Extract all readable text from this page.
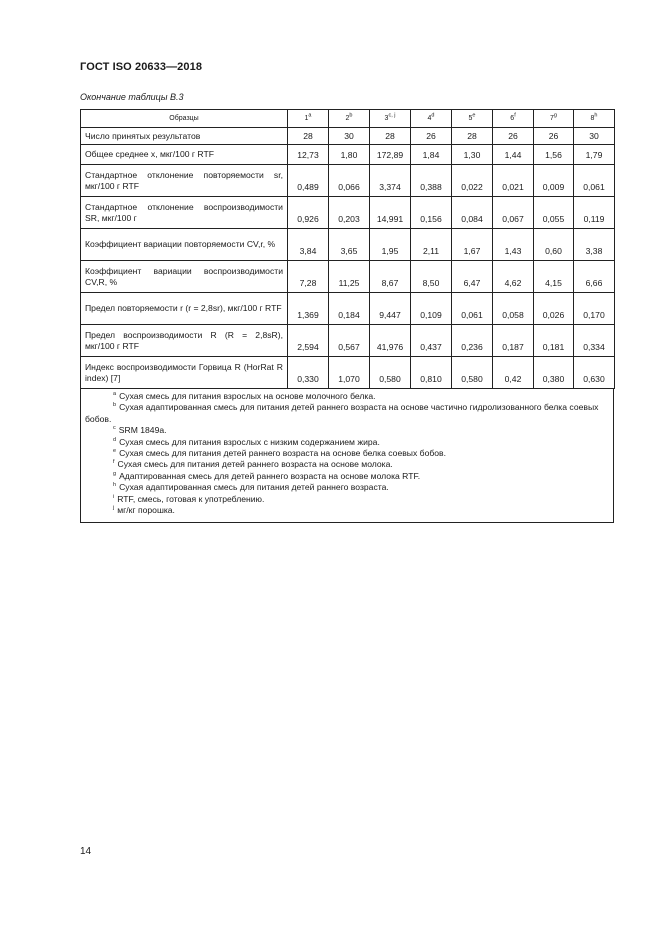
ГОСТ ISO 20633—2018
Окончание таблицы В.3
Образцы	1$^a$	2$^b$	3$^{c, j}$	4$^d$	5e	6$^f$	7$^g$	8$^h$
Число принятых результатов	28	30	28	26	28	26	26	30
Общее среднее x, мкг/100 г RTF	12,73	1,80	172,89	1,84	1,30	1,44	1,56	1,79
Стандартное отклонение повторяемости sr, мкг/100 г RTF	0,489	0,066	3,374	0,388	0,022	0,021	0,009	0,061
Стандартное отклонение воспроизводимости SR, мкг/100 г	0,926	0,203	14,991	0,156	0,084	0,067	0,055	0,119
Коэффициент вариации повторяемости CV,r, %	3,84	3,65	1,95	2,11	1,67	1,43	0,60	3,38
Коэффициент вариации воспроизводимости CV,R, %	7,28	11,25	8,67	8,50	6,47	4,62	4,15	6,66
Предел повторяемости r (r = 2,8sr), мкг/100 г RTF	1,369	0,184	9,447	0,109	0,061	0,058	0,026	0,170
Предел воспроизводимости R (R = 2,8sR), мкг/100 г RTF	2,594	0,567	41,976	0,437	0,236	0,187	0,181	0,334
Индекс воспроизводимости Горвица R (HorRat R index) [7]	0,330	1,070	0,580	0,810	0,580	0,42	0,380	0,630
$^a$ Сухая смесь для питания взрослых на основе молочного белка.
$^b$ Сухая адаптированная смесь для питания детей раннего возраста на основе частично гидролизованного белка соевых бобов.
$^c$ SRM 1849a.
$^d$ Сухая смесь для питания взрослых с низким содержанием жира.
$^e$ Сухая смесь для питания детей раннего возраста на основе белка соевых бобов.
$^f$ Сухая смесь для питания детей раннего возраста на основе молока.
$^g$ Адаптированная смесь для детей раннего возраста на основе молока RTF.
$^h$ Сухая адаптированная смесь для питания детей раннего возраста.
$^i$ RTF, смесь, готовая к употреблению.
$^j$ мг/кг порошка.
14
